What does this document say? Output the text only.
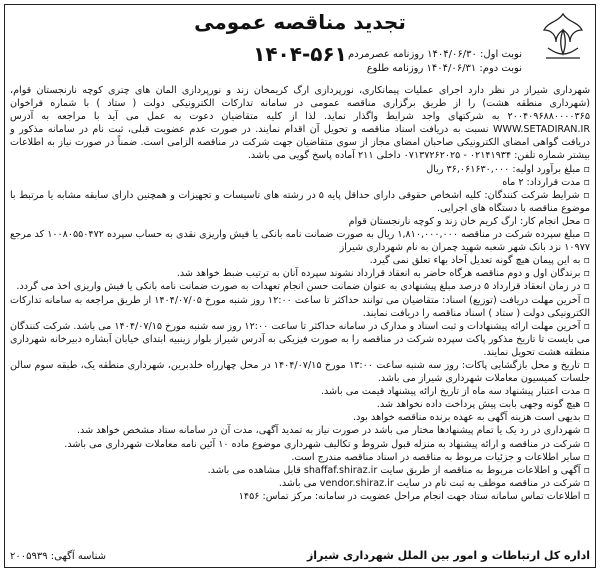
تجدید مناقصه عمومی
۱۴۰۴-۵۶۱ نوبت اول: ۱۴۰۴/۰۶/۳۰ روزنامه عصرمردم
نوبت دوم: ۱۴۰۴/۰۶/۳۱ روزنامه طلوع

شهرداری شیراز در نظر دارد اجرای عملیات پیمانکاری، نورپردازی ارگ کریمخان زند و نورپردازی المان های چتری کوچه نارنجستان قوام، (شهرداری منطقه هشت) را از طریق برگزاری مناقصه عمومی در سامانه تدارکات الکترونیکی دولت ( ستاد ) با شماره فراخوان ۲۰۰۴۰۹۶۸۸۰۰۰۰۳۶۵ به شرکتهای واجد شرایط واگذار نماید. لذا از کلیه متقاضیان دعوت به عمل می آید با مراجعه به آدرس WWW.SETADIRAN.IR نسبت به دریافت اسناد مناقصه و تحویل آن اقدام نمایند. در صورت عدم عضویت قبلی، ثبت نام در سامانه مذکور و دریافت گواهی امضای الکترونیکی صاحبان امضای مجاز از سوی متقاضیان جهت شرکت در مناقصه الزامی است. ضمناً در صورت نیاز به اطلاعات بیشتر شماره تلفن: ۰۲۱۴۱۹۳۴ - ۰۷۱۳۷۲۶۲۰۲۵ داخلی ۲۱۱ آماده پاسخ گویی می باشد.

▫ مبلغ برآورد اولیه: ۳۶,۰۶۱۶۳۰,۰۰۰ ریال

▫ مدت قرارداد: ۲ ماه

▫ شرایط شرکت کنندگان: کلیه اشخاص حقوقی دارای حداقل پایه ۵ در رشته های تاسیسات و تجهیزات و همچنین دارای سابقه مشابه یا مرتبط با موضوع مناقصه با دستگاه های اجرایی.

▫ محل انجام کار: ارگ کریم خان زند و کوچه نارنجستان قوام

▫ مبلغ سپرده شرکت در مناقصه ۱,۸۱۰,۰۰۰,۰۰۰ ریال به صورت ضمانت نامه بانکی یا فیش واریزی نقدی به حساب سپرده ۱۰۰۸۰۵۵۰۴۷۲ کد مرجع ۱۰۹۷۷ نزد بانک شهر شعبه شهید چمران به نام شهرداری شیراز

▫ به این پیمان هیچ گونه تعدیل آحاد بهاء تعلق نمی گیرد.

▫ برندگان اول و دوم مناقصه هرگاه حاضر به انعقاد قرارداد نشوند سپرده آنان به ترتیب ضبط خواهد شد.

▫ در زمان انعقاد قرارداد ۵ درصد مبلغ پیشنهادی به عنوان ضمانت حسن انجام تعهدات به صورت ضمانت نامه بانکی یا فیش واریزی اخذ می گردد.

▫ آخرین مهلت دریافت (توزیع) اسناد: متقاضیان می توانند حداکثر تا ساعت ۱۲:۰۰ روز شنبه مورخ ۱۴۰۴/۰۷/۰۵ از طریق مراجعه به سامانه تدارکات الکترونیکی دولت ( ستاد ) اسناد مناقصه را دریافت نمایند.

▫ آخرین مهلت ارائه پیشنهادات و ثبت اسناد و مدارک در سامانه حداکثر تا ساعت ۱۲:۰۰ روز سه شنبه مورخ ۱۴۰۴/۰۷/۱۵ می باشد. شرکت کنندگان می بایست تا تاریخ مذکور پاکت سپرده شرکت در مناقصه را به صورت فیزیکی به آدرس شیراز بلوار زینبیه ابتدای خیابان آبشاره دبیرخانه شهرداری منطقه هشت تحویل نمایند.

▫ تاریخ و محل بازگشایی پاکات: روز سه شنبه ساعت ۱۳:۰۰ مورخ ۱۴۰۴/۰۷/۱۵ در محل چهارراه خلدبرین، شهرداری منطقه یک، طبقه سوم سالن جلسات کمیسیون معاملات شهرداری شیراز می باشد.

▫ مدت اعتبار پیشنهاد سه ماه از تاریخ ارائه پیشنهاد قیمت می باشد.

▫ هیچ گونه وجهی بابت پیش پرداخت داده نخواهد شد.

▫ بدیهی است هزینه آگهی به عهده برنده مناقصه خواهد بود.

▫ شهرداری در رد یک یا تمام پیشنهادها مختار می باشد در صورت نیاز به تمدید آگهی، مدت آن در سامانه ستاد مشخص خواهد شد.

▫ شرکت در مناقصه و ارائه پیشنهاد به منزله قبول شروط و تکالیف شهرداری موضوع ماده ۱۰ آئین نامه معاملات شهرداری می باشد.

▫ سایر اطلاعات و جزئیات مربوط به مناقصه در اسناد مناقصه مندرج است.

▫ آگهی و اطلاعات مربوط به مناقصه از طریق سایت shaffaf.shiraz.ir قابل مشاهده می باشد.

▫ شرکت در مناقصه موظف به ثبت نام در سایت vendor.shiraz.ir می باشد.

▫ اطلاعات تماس سامانه ستاد جهت انجام مراحل عضویت در سامانه: مرکز تماس: ۱۴۵۶

اداره کل ارتباطات و امور بین الملل شهرداری شیراز
شناسه آگهی: ۲۰۰۵۹۳۹
